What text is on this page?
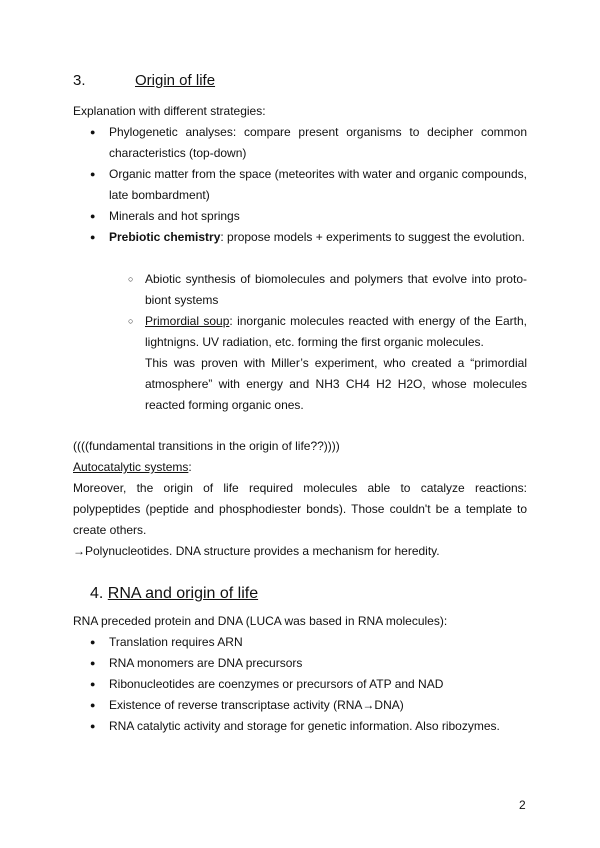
3.	Origin of life
Explanation with different strategies:
● Phylogenetic analyses: compare present organisms to decipher common characteristics (top-down)
● Organic matter from the space (meteorites with water and organic compounds, late bombardment)
● Minerals and hot springs
● Prebiotic chemistry: propose models + experiments to suggest the evolution.
○ Abiotic synthesis of biomolecules and polymers that evolve into proto-biont systems
○ Primordial soup: inorganic molecules reacted with energy of the Earth, lightnigns. UV radiation, etc. forming the first organic molecules.
This was proven with Miller’s experiment, who created a “primordial atmosphere” with energy and NH3 CH4 H2 H2O, whose molecules reacted forming organic ones.
((((fundamental transitions in the origin of life??))))
Autocatalytic systems:
Moreover, the origin of life required molecules able to catalyze reactions: polypeptides (peptide and phosphodiester bonds). Those couldn't be a template to create others.
→Polynucleotides. DNA structure provides a mechanism for heredity.
4. RNA and origin of life
RNA preceded protein and DNA (LUCA was based in RNA molecules):
● Translation requires ARN
● RNA monomers are DNA precursors
● Ribonucleotides are coenzymes or precursors of ATP and NAD
● Existence of reverse transcriptase activity (RNA→DNA)
● RNA catalytic activity and storage for genetic information. Also ribozymes.
2
